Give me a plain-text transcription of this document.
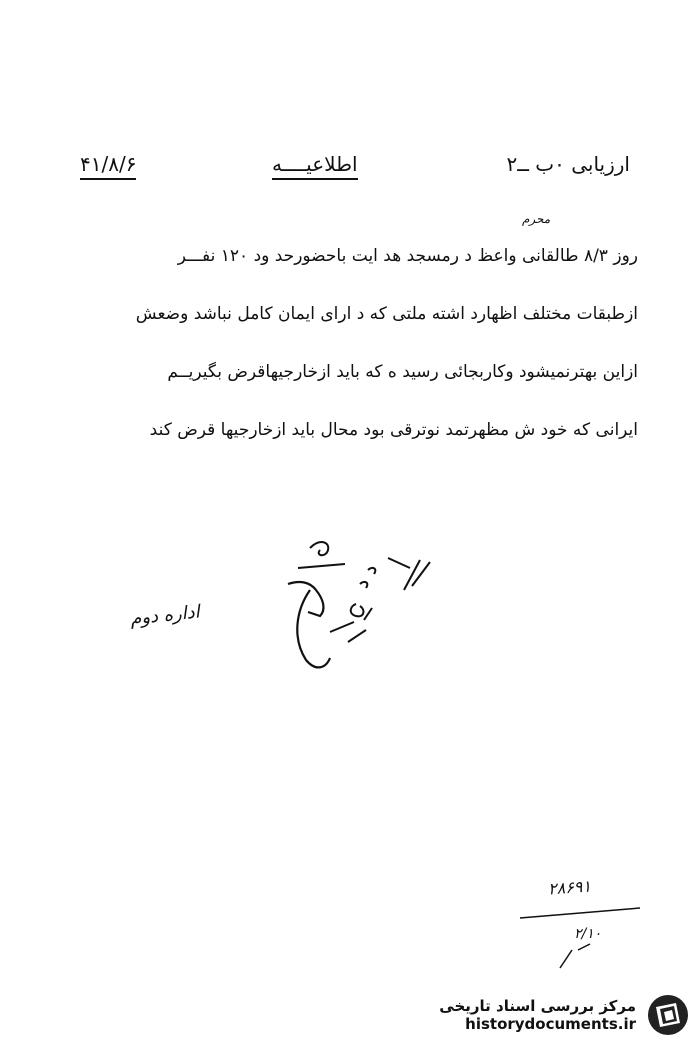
ارزیابی ۰ب ــ۲
اطلاعیــــه
۴۱/۸/۶
محرم
روز ۸/۳ طالقانی واعظ د رمسجد هد ایت باحضورحد ود ۱۲۰ نفـــر
ازطبقات مختلف اظهارد اشته ملتی که د ارای ایمان کامل نباشد وضعش
ازاین بهترنمیشود وکاربجائی رسید ه که باید ازخارجیهاقرض بگیریــم
ایرانی که خود ش مظهرتمد نوترقی بود محال باید ازخارجیها قرض کند
اداره دوم
۲۸۶۹۱
۲/۱۰
مرکز بررسی اسناد تاریخی
historydocuments.ir
